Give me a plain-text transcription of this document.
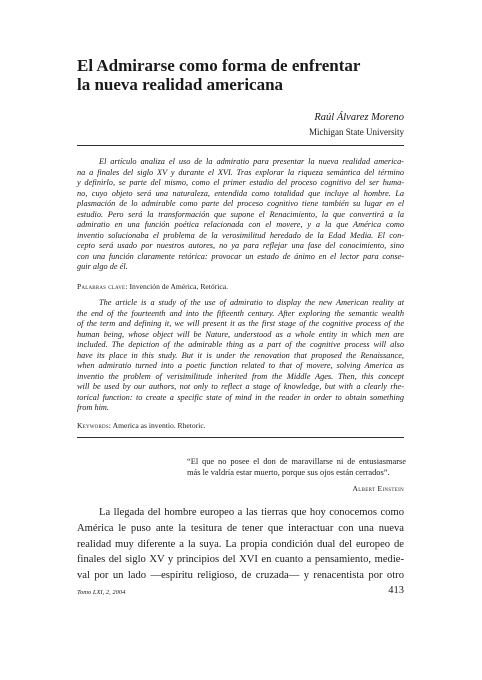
El Admirarse como forma de enfrentar
la nueva realidad americana
Raúl Álvarez Moreno
Michigan State University
El artículo analiza el uso de la admiratio para presentar la nueva realidad america-
na a finales del siglo XV y durante el XVI. Tras explorar la riqueza semántica del término
y definirlo, se parte del mismo, como el primer estadio del proceso cognitivo del ser huma-
no, cuyo objeto será una naturaleza, entendida como totalidad que incluye al hombre. La
plasmación de lo admirable como parte del proceso cognitivo tiene también su lugar en el
estudio. Pero será la transformación que supone el Renacimiento, la que convertirá a la
admiratio en una función poética relacionada con el movere, y a la que América como
inventio solucionaba el problema de la verosimilitud heredado de la Edad Media. El con-
cepto será usado por nuestros autores, no ya para reflejar una fase del conocimiento, sino
con una función claramente retórica: provocar un estado de ánimo en el lector para conse-
guir algo de él.
Palabras clave: Invención de América, Retórica.
The article is a study of the use of admiratio to display the new American reality at
the end of the fourteenth and into the fifteenth century. After exploring the semantic wealth
of the term and defining it, we will present it as the first stage of the cognitive process of the
human being, whose object will be Nature, understood as a whole entity in which men are
included. The depiction of the admirable thing as a part of the cognitive process will also
have its place in this study. But it is under the renovation that proposed the Renaissance,
when admiratio turned into a poetic function related to that of movere, solving America as
inventio the problem of verisimilitude inherited from the Middle Ages. Then, this concept
will be used by our authors, not only to reflect a stage of knowledge, but with a clearly rhe-
torical function: to create a specific state of mind in the reader in order to obtain something
from him.
Keywords: America as inventio. Rhetoric.
“El que no posee el don de maravillarse ni de entusiasmarse
más le valdría estar muerto, porque sus ojos están cerrados”.
Albert Einstein
La llegada del hombre europeo a las tierras que hoy conocemos como
América le puso ante la tesitura de tener que interactuar con una nueva
realidad muy diferente a la suya. La propia condición dual del europeo de
finales del siglo XV y principios del XVI en cuanto a pensamiento, medie-
val por un lado —espíritu religioso, de cruzada— y renacentista por otro
Tomo LXI, 2, 2004	413
